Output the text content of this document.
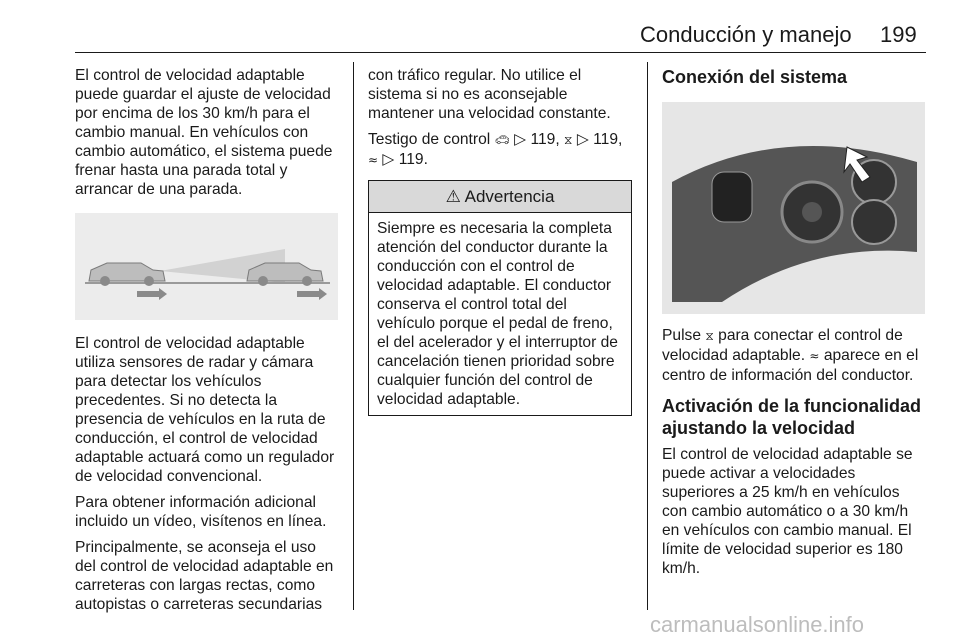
Conducción y manejo 199

El control de velocidad adaptable puede guardar el ajuste de velocidad por encima de los 30 km/h para el cambio manual. En vehículos con cambio automático, el sistema puede frenar hasta una parada total y arrancar de una parada.

El control de velocidad adaptable utiliza sensores de radar y cámara para detectar los vehículos precedentes. Si no detecta la presencia de vehículos en la ruta de conducción, el control de velocidad adaptable actuará como un regulador de velocidad convencional.

Para obtener información adicional incluido un vídeo, visítenos en línea.

Principalmente, se aconseja el uso del control de velocidad adaptable en carreteras con largas rectas, como autopistas o carreteras secundarias

con tráfico regular. No utilice el sistema si no es aconsejable mantener una velocidad constante.

Testigo de control 🚗︎ ▷ 119, ⧖ ▷ 119,
≈ ▷ 119.

⚠ Advertencia

Siempre es necesaria la completa atención del conductor durante la conducción con el control de velocidad adaptable. El conductor conserva el control total del vehículo porque el pedal de freno, el del acelerador y el interruptor de cancelación tienen prioridad sobre cualquier función del control de velocidad adaptable.

Conexión del sistema

Pulse ⧖ para conectar el control de velocidad adaptable. ≈ aparece en el centro de información del conductor.

Activación de la funcionalidad ajustando la velocidad

El control de velocidad adaptable se puede activar a velocidades superiores a 25 km/h en vehículos con cambio automático o a 30 km/h en vehículos con cambio manual. El límite de velocidad superior es 180 km/h.

carmanualsonline.info
